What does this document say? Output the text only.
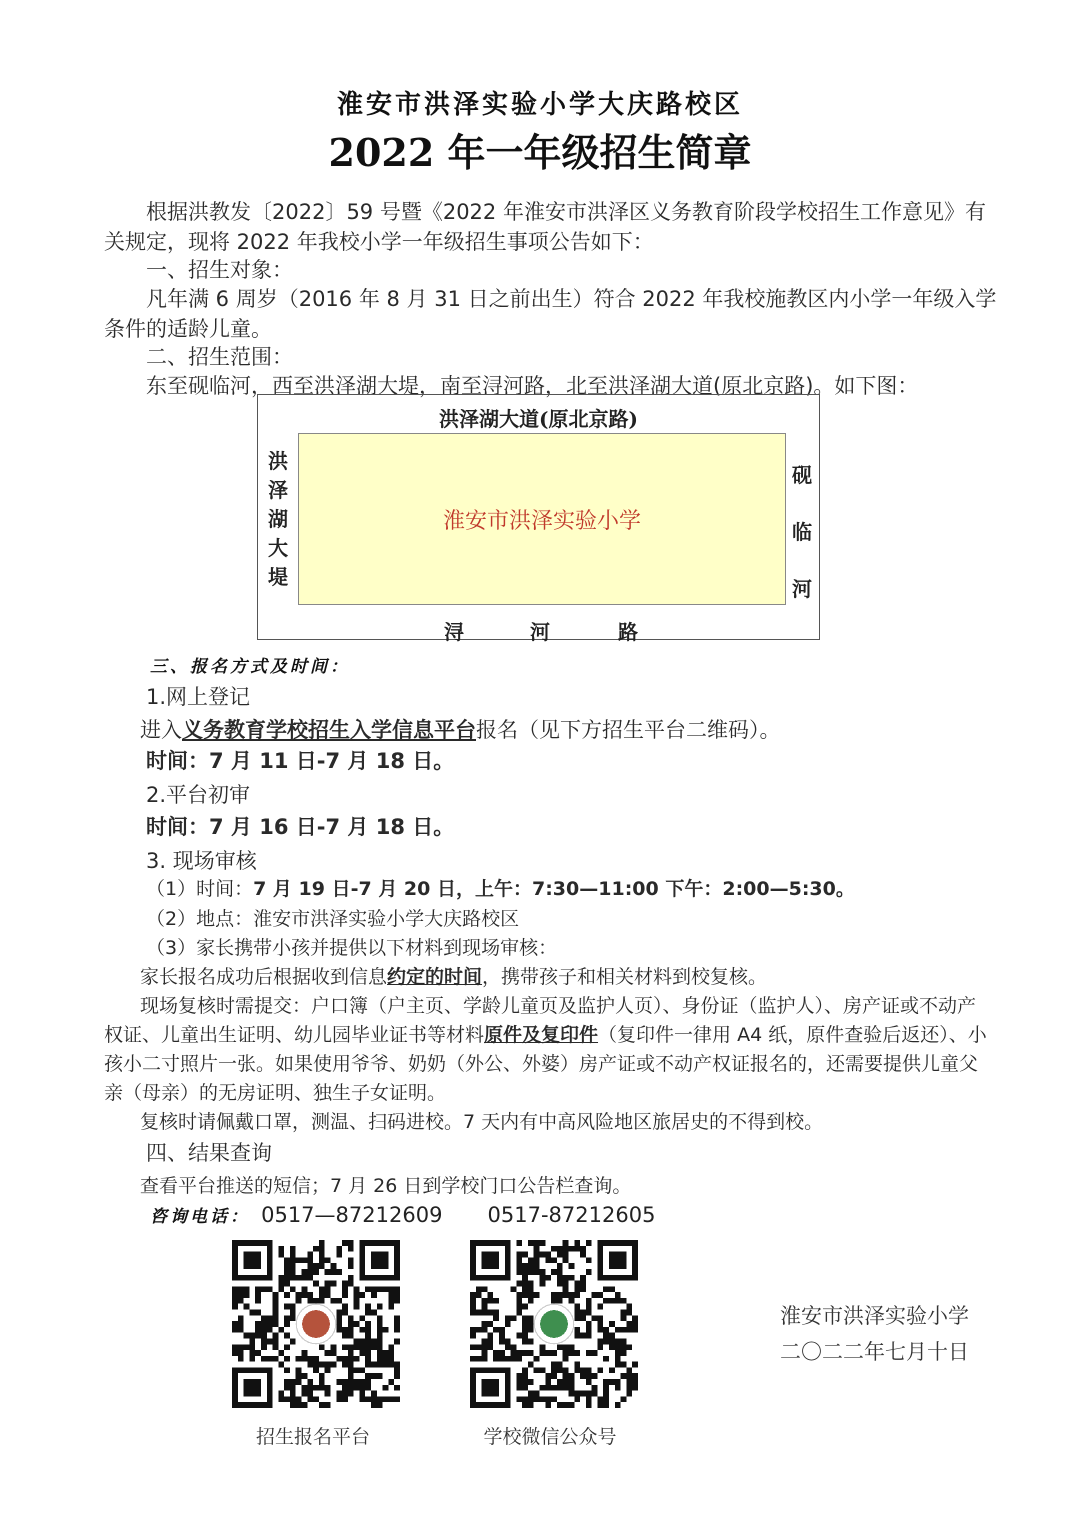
淮安市洪泽实验小学大庆路校区
2022 年一年级招生简章
根据洪教发〔2022〕59 号暨《2022 年淮安市洪泽区义务教育阶段学校招生工作意见》有
关规定，现将 2022 年我校小学一年级招生事项公告如下：
一、招生对象：
凡年满 6 周岁（2016 年 8 月 31 日之前出生）符合 2022 年我校施教区内小学一年级入学
条件的适龄儿童。
二、招生范围：
东至砚临河，西至洪泽湖大堤，南至浔河路，北至洪泽湖大道(原北京路)。如下图：
洪泽湖大道(原北京路)
洪泽湖大堤
砚临河
淮安市洪泽实验小学
浔	河	路
三、报名方式及时间：
1.网上登记
进入义务教育学校招生入学信息平台报名（见下方招生平台二维码）。
时间：7 月 11 日-7 月 18 日。
2.平台初审
时间：7 月 16 日-7 月 18 日。
3. 现场审核
（1）时间：7 月 19 日-7 月 20 日，上午：7:30—11:00 下午：2:00—5:30。
（2）地点：淮安市洪泽实验小学大庆路校区
（3）家长携带小孩并提供以下材料到现场审核：
家长报名成功后根据收到信息约定的时间，携带孩子和相关材料到校复核。
现场复核时需提交：户口簿（户主页、学龄儿童页及监护人页）、身份证（监护人）、房产证或不动产
权证、儿童出生证明、幼儿园毕业证书等材料原件及复印件（复印件一律用 A4 纸，原件查验后返还）、小
孩小二寸照片一张。如果使用爷爷、奶奶（外公、外婆）房产证或不动产权证报名的，还需要提供儿童父
亲（母亲）的无房证明、独生子女证明。
复核时请佩戴口罩，测温、扫码进校。7 天内有中高风险地区旅居史的不得到校。
四、结果查询
查看平台推送的短信；7 月 26 日到学校门口公告栏查询。
咨询电话： 0517—87212609 0517-87212605
招生报名平台	学校微信公众号
淮安市洪泽实验小学
二〇二二年七月十日
